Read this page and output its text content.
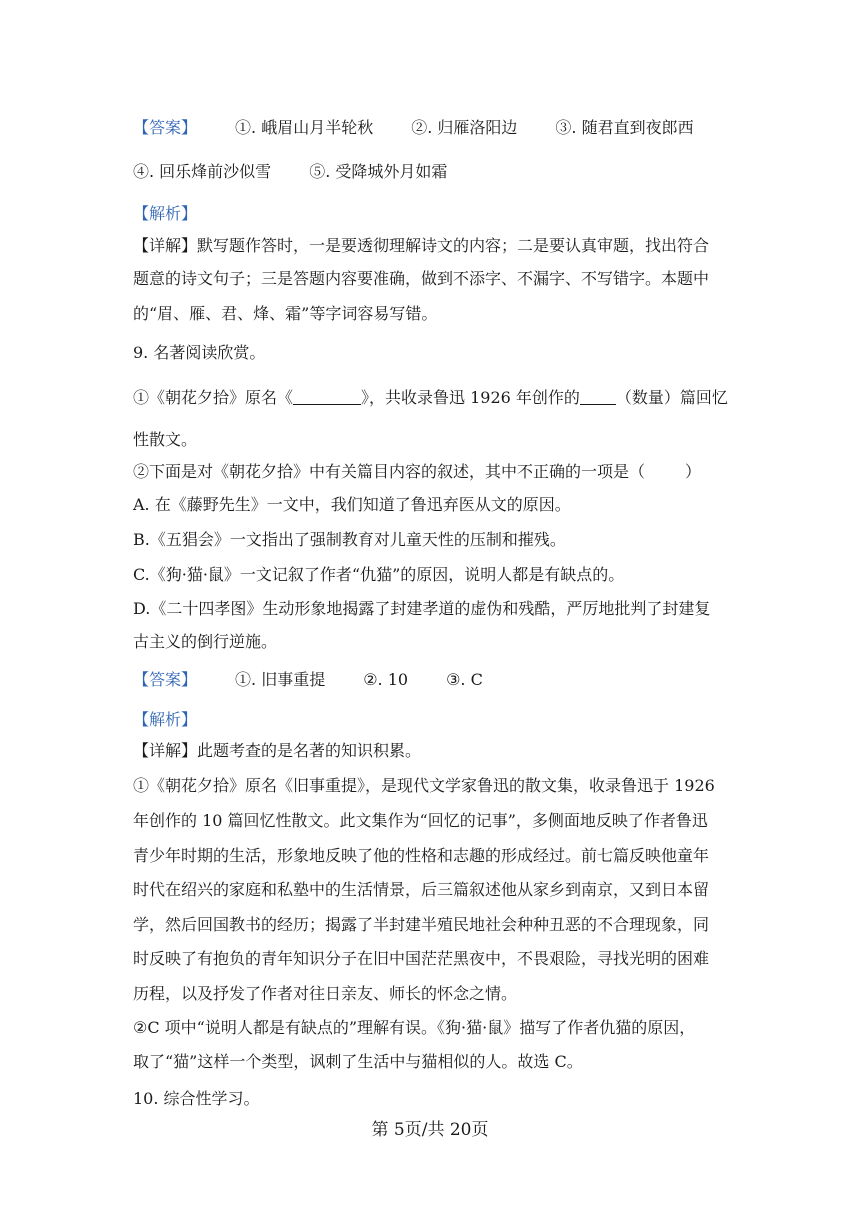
【答案】 ①. 峨眉山月半轮秋 ②. 归雁洛阳边 ③. 随君直到夜郎西
④. 回乐烽前沙似雪 ⑤. 受降城外月如霜
【解析】
【详解】默写题作答时，一是要透彻理解诗文的内容；二是要认真审题，找出符合
题意的诗文句子；三是答题内容要准确，做到不添字、不漏字、不写错字。本题中
的“眉、雁、君、烽、霜”等字词容易写错。
9. 名著阅读欣赏。
①《朝花夕拾》原名《	》，共收录鲁迅 1926 年创作的 （数量）篇回忆
性散文。
②下面是对《朝花夕拾》中有关篇目内容的叙述，其中不正确的一项是（	）
A. 在《藤野先生》一文中，我们知道了鲁迅弃医从文的原因。
B.《五猖会》一文指出了强制教育对儿童天性的压制和摧残。
C.《狗·猫·鼠》一文记叙了作者“仇猫”的原因，说明人都是有缺点的。
D.《二十四孝图》生动形象地揭露了封建孝道的虚伪和残酷，严厉地批判了封建复
古主义的倒行逆施。
【答案】 ①. 旧事重提 ②. 10 ③. C
【解析】
【详解】此题考查的是名著的知识积累。
①《朝花夕拾》原名《旧事重提》，是现代文学家鲁迅的散文集，收录鲁迅于 1926
年创作的 10 篇回忆性散文。此文集作为“回忆的记事”，多侧面地反映了作者鲁迅
青少年时期的生活，形象地反映了他的性格和志趣的形成经过。前七篇反映他童年
时代在绍兴的家庭和私塾中的生活情景，后三篇叙述他从家乡到南京，又到日本留
学，然后回国教书的经历；揭露了半封建半殖民地社会种种丑恶的不合理现象，同
时反映了有抱负的青年知识分子在旧中国茫茫黑夜中，不畏艰险，寻找光明的困难
历程，以及抒发了作者对往日亲友、师长的怀念之情。
②C 项中“说明人都是有缺点的”理解有误。《狗·猫·鼠》描写了作者仇猫的原因，
取了“猫”这样一个类型，讽刺了生活中与猫相似的人。故选 C。
10. 综合性学习。
第 5页/共 20页
